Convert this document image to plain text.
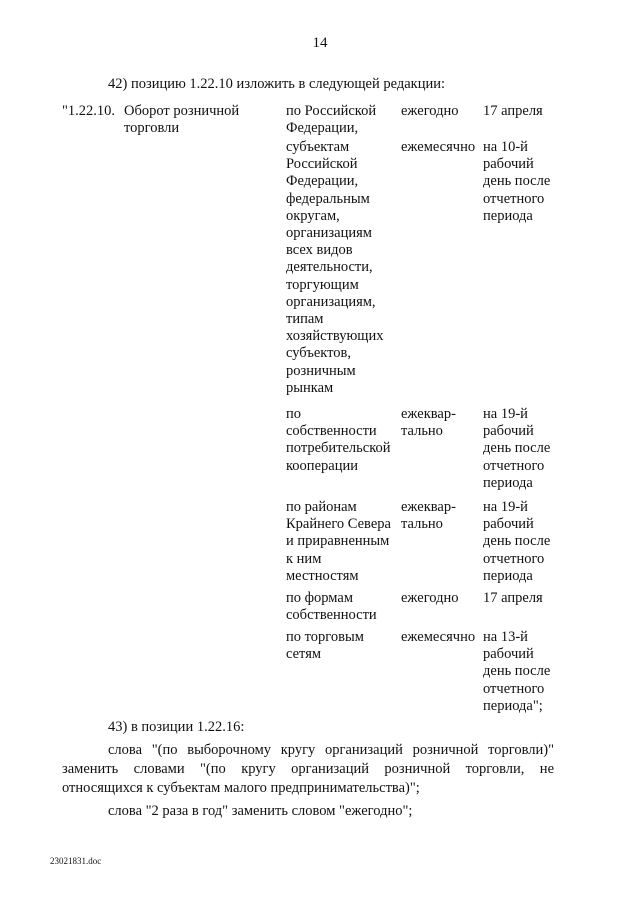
14
42) позицию 1.22.10 изложить в следующей редакции:
"1.22.10. Оборот розничной
торговли
по Российской
Федерации,
ежегодно 17 апреля
субъектам
Российской
Федерации,
федеральным
округам,
организациям
всех видов
деятельности,
торгующим
организациям,
типам
хозяйствующих
субъектов,
розничным
рынкам
ежемесячно на 10-й
рабочий
день после
отчетного
периода
по
собственности
потребительской
кооперации
ежеквар-
тально
на 19-й
рабочий
день после
отчетного
периода
по районам
Крайнего Севера
и приравненным
к ним
местностям
ежеквар-
тально
на 19-й
рабочий
день после
отчетного
периода
по формам
собственности
ежегодно 17 апреля
по торговым
сетям
ежемесячно на 13-й
рабочий
день после
отчетного
периода";
43) в позиции 1.22.16:
слова "(по выборочному кругу организаций розничной торговли)"
заменить словами "(по кругу организаций розничной торговли, не
относящихся к субъектам малого предпринимательства)";
слова "2 раза в год" заменить словом "ежегодно";
23021831.doc
